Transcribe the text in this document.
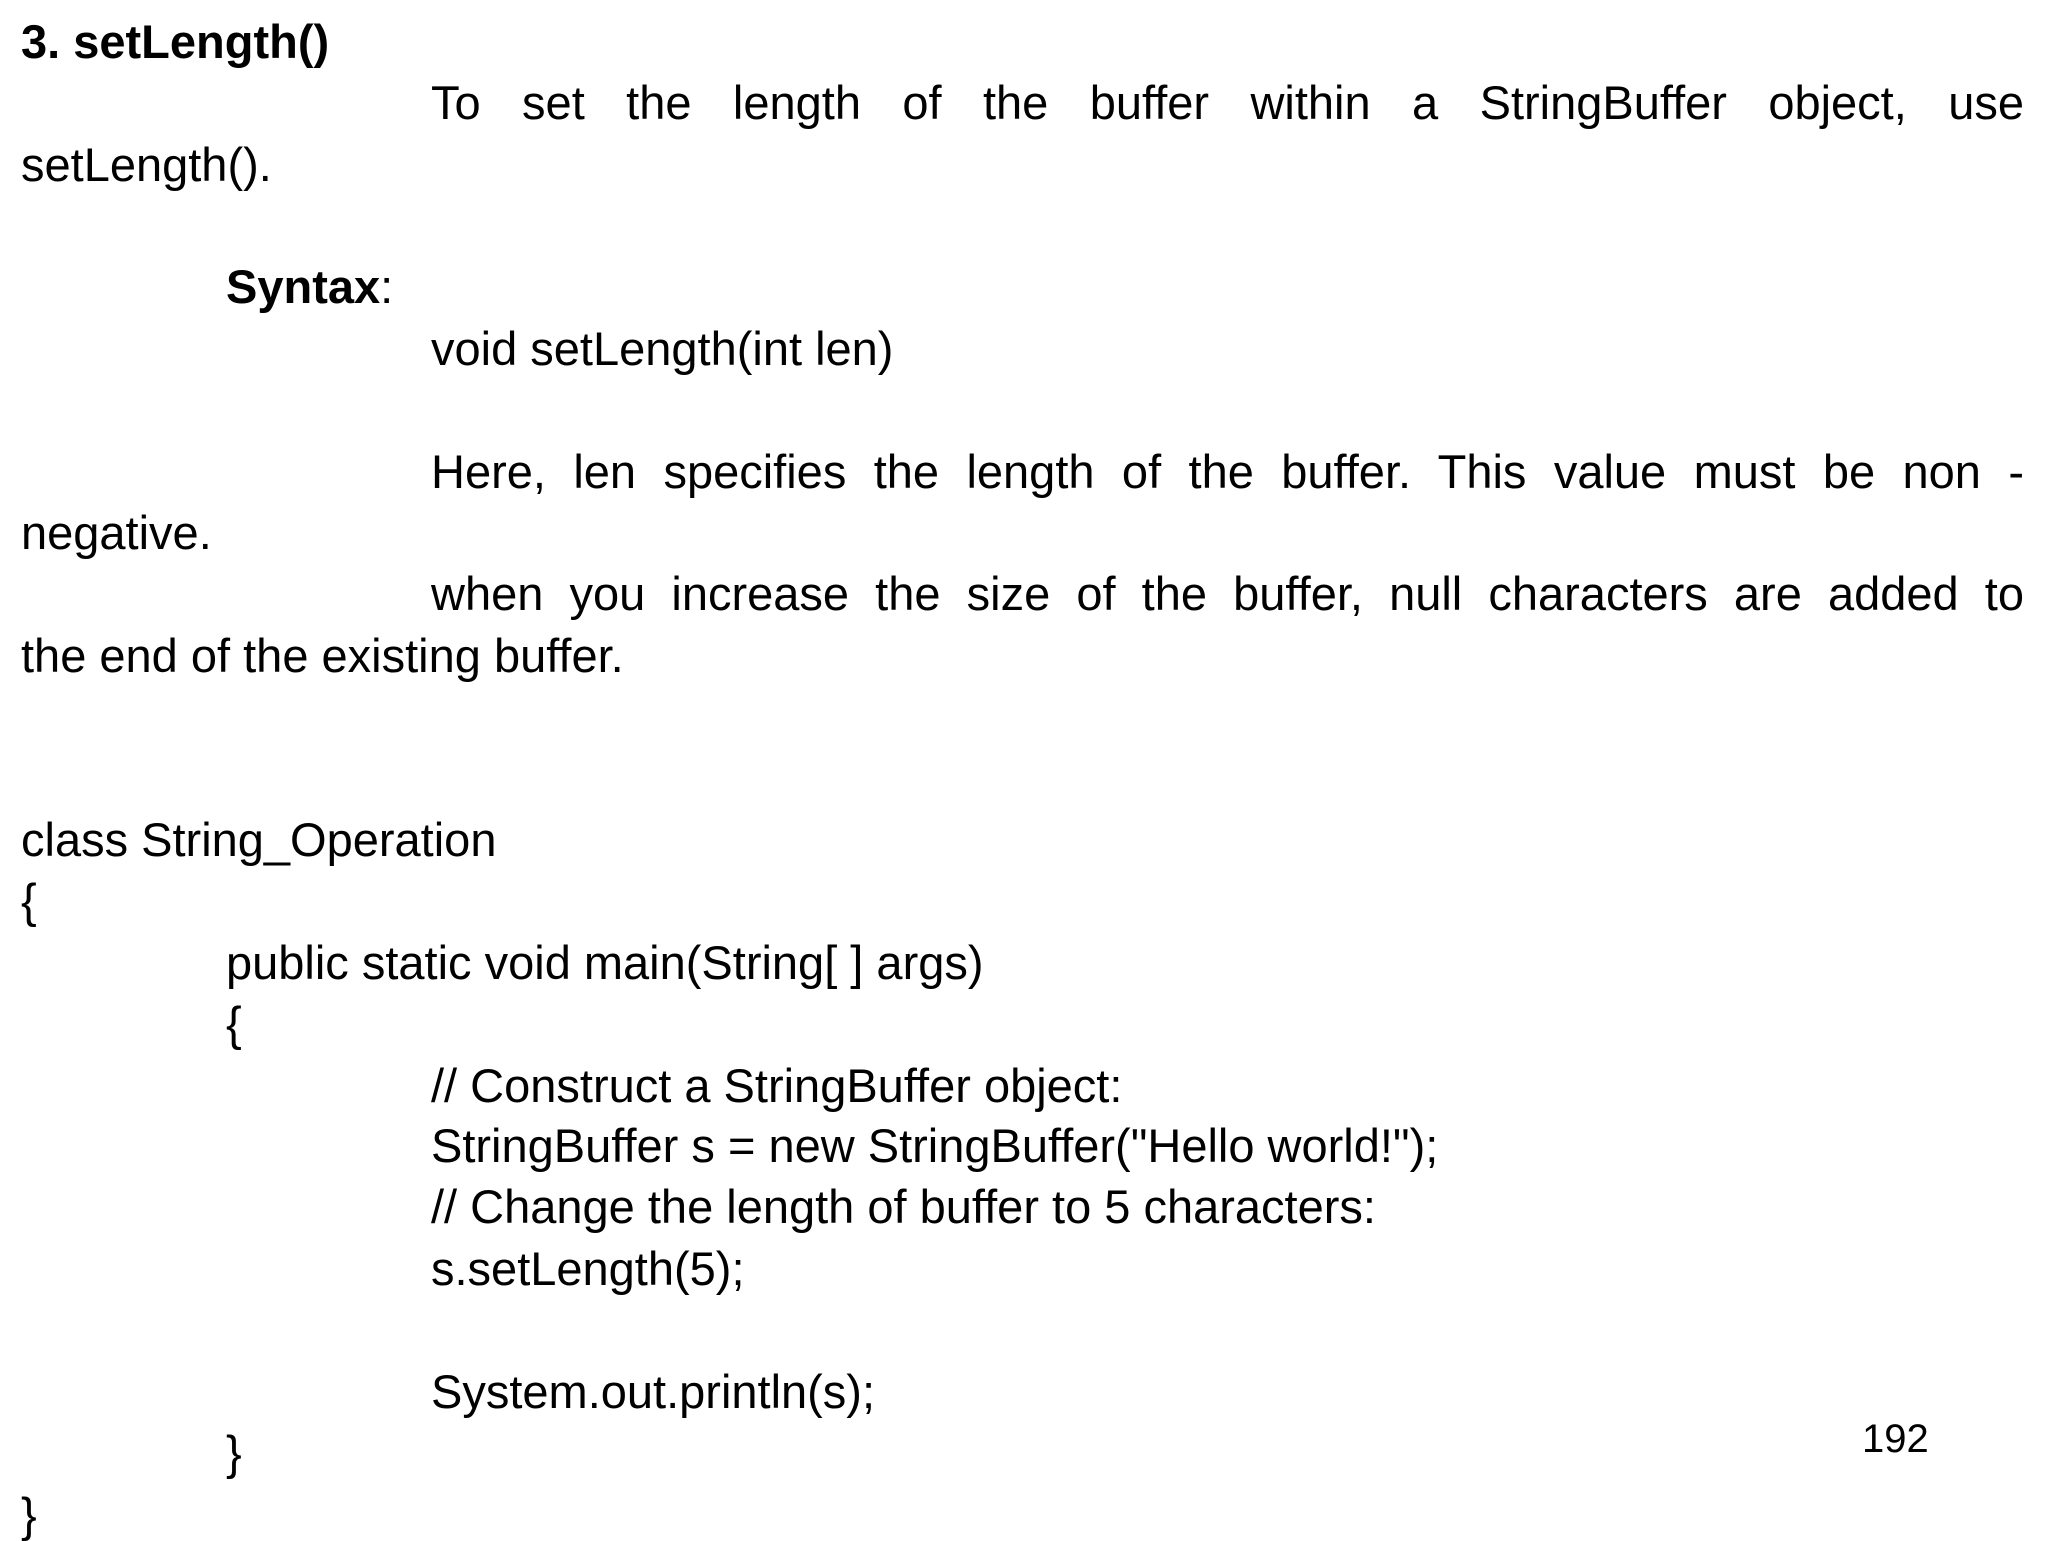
3. setLength()

To set the length of the buffer within a StringBuffer object, use

setLength().

Syntax:

void setLength(int len)

Here, len specifies the length of the buffer. This value must be non -

negative.

when you increase the size of the buffer, null characters are added to

the end of the existing buffer.

class String_Operation

{

public static void main(String[ ] args)

{

// Construct a StringBuffer object:

StringBuffer s = new StringBuffer("Hello world!");

// Change the length of buffer to 5 characters:

s.setLength(5);

System.out.println(s);

}

}

192
